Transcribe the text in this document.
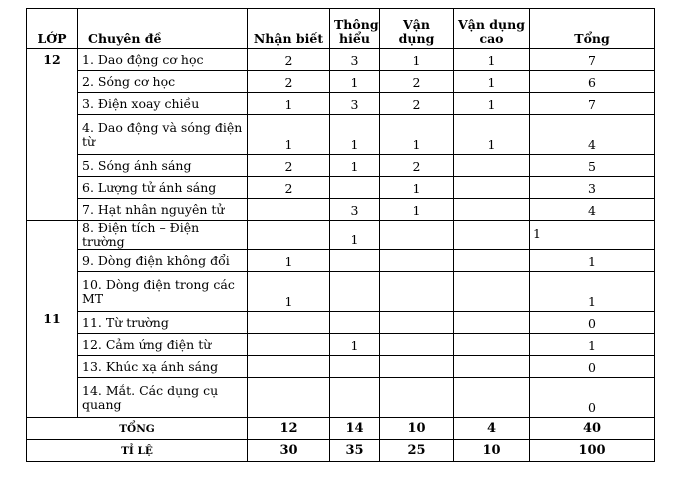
LỚP	Chuyên đề	Nhận biết	Thông hiểu	Vận dụng	Vận dụng cao	Tổng
12	1. Dao động cơ học	2	3	1	1	7
	2. Sóng cơ học	2	1	2	1	6
	3. Điện xoay chiều	1	3	2	1	7
	4. Dao động và sóng điện từ	1	1	1	1	4
	5. Sóng ánh sáng	2	1	2		5
	6. Lượng tử ánh sáng	2		1		3
	7. Hạt nhân nguyên tử		3	1		4
11	8. Điện tích – Điện trường		1			1
	9. Dòng điện không đổi	1				1
	10. Dòng điện trong các MT	1				1
	11. Từ trường					0
	12. Cảm ứng điện từ		1			1
	13. Khúc xạ ánh sáng					0
	14. Mắt. Các dụng cụ quang					0
TỔNG		12	14	10	4	40
TỈ LỆ		30	35	25	10	100
